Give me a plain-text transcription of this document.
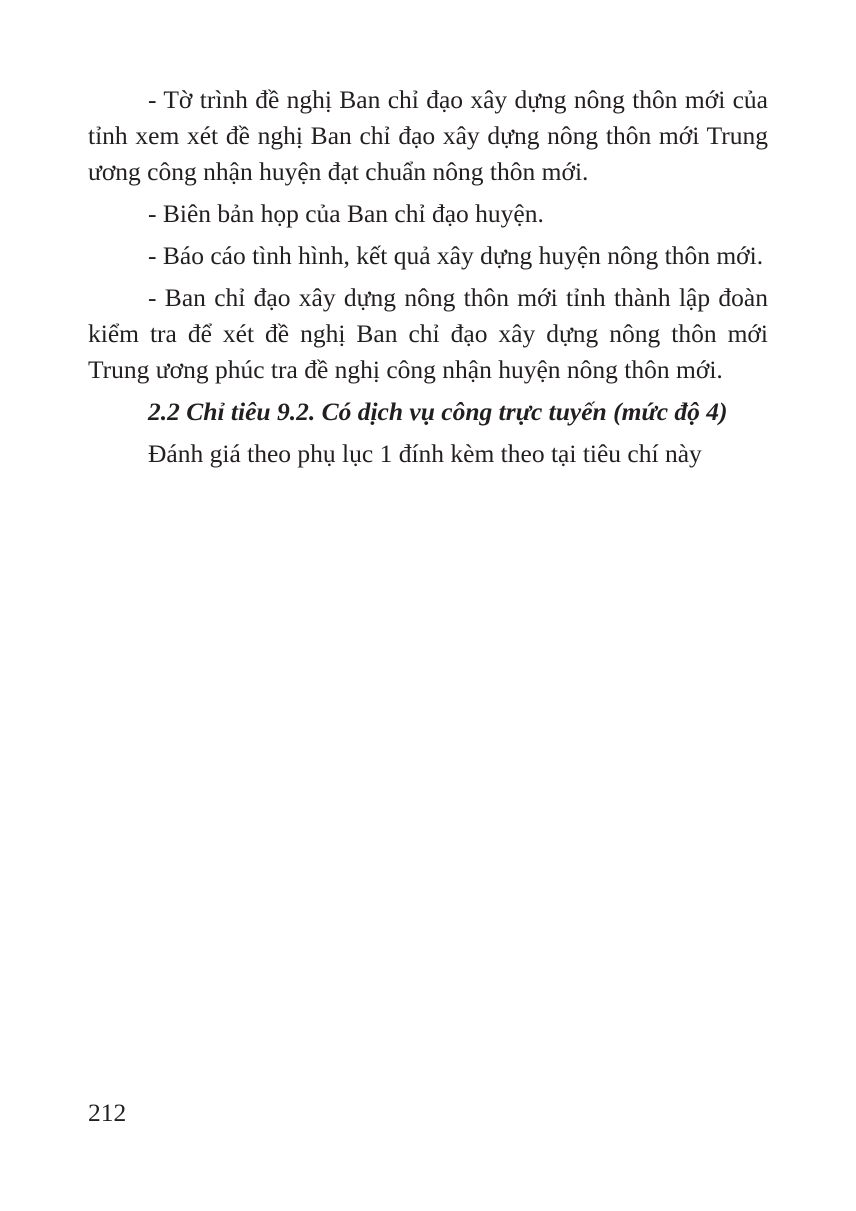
- Tờ trình đề nghị Ban chỉ đạo xây dựng nông thôn mới của tỉnh xem xét đề nghị Ban chỉ đạo xây dựng nông thôn mới Trung ương công nhận huyện đạt chuẩn nông thôn mới.

- Biên bản họp của Ban chỉ đạo huyện.

- Báo cáo tình hình, kết quả xây dựng huyện nông thôn mới.

- Ban chỉ đạo xây dựng nông thôn mới tỉnh thành lập đoàn kiểm tra để xét đề nghị Ban chỉ đạo xây dựng nông thôn mới Trung ương phúc tra đề nghị công nhận huyện nông thôn mới.

2.2 Chỉ tiêu 9.2. Có dịch vụ công trực tuyến (mức độ 4)

Đánh giá theo phụ lục 1 đính kèm theo tại tiêu chí này

212
